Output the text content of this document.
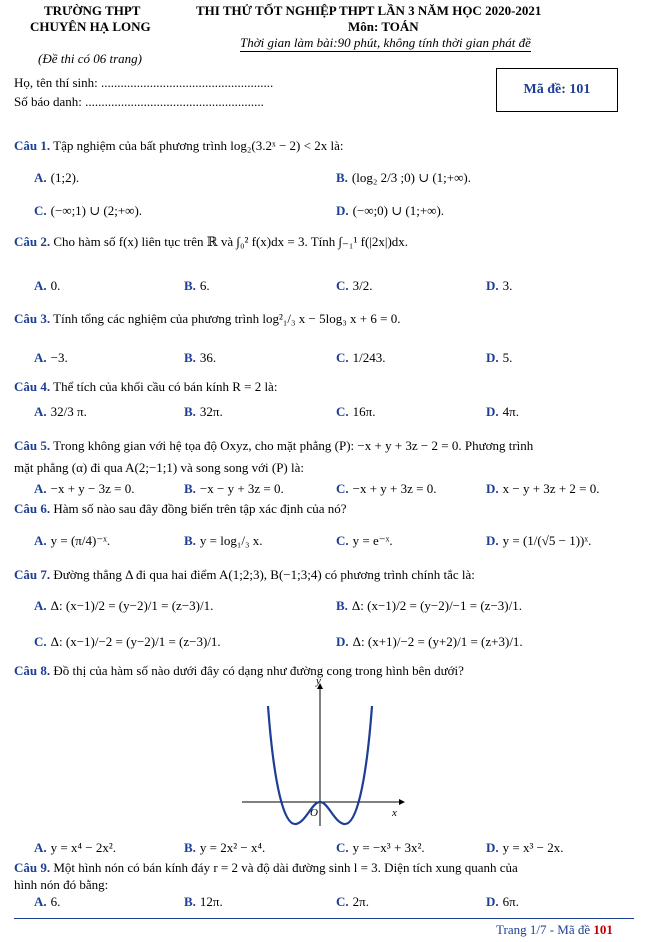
TRƯỜNG THPT
CHUYÊN HẠ LONG
THI THỬ TỐT NGHIỆP THPT LẦN 3 NĂM HỌC 2020-2021
Môn: TOÁN
Thời gian làm bài:90 phút, không tính thời gian phát đề
(Đề thi có 06 trang)
Họ, tên thí sinh: .....................................................
Số báo danh: .......................................................
Mã đề: 101
Câu 1. Tập nghiệm của bất phương trình log₂(3.2ˣ − 2) < 2x là:
A. (1;2).	B. (log₂ 2/3 ;0) ∪ (1;+∞).
C. (−∞;1) ∪ (2;+∞).	D. (−∞;0) ∪ (1;+∞).
Câu 2. Cho hàm số f(x) liên tục trên ℝ và ∫₀² f(x)dx = 3. Tính ∫₋₁¹ f(|2x|)dx.
A. 0.	B. 6.	C. 3/2.	D. 3.
Câu 3. Tính tổng các nghiệm của phương trình log²₁/₃ x − 5log₃ x + 6 = 0.
A. −3.	B. 36.	C. 1/243.	D. 5.
Câu 4. Thể tích của khối cầu có bán kính R = 2 là:
A. 32/3 π.	B. 32π.	C. 16π.	D. 4π.
Câu 5. Trong không gian với hệ tọa độ Oxyz, cho mặt phẳng (P): −x + y + 3z − 2 = 0. Phương trình
mặt phẳng (α) đi qua A(2;−1;1) và song song với (P) là:
A. −x + y − 3z = 0.	B. −x − y + 3z = 0.	C. −x + y + 3z = 0.	D. x − y + 3z + 2 = 0.
Câu 6. Hàm số nào sau đây đồng biến trên tập xác định của nó?
A. y = (π/4)⁻ˣ.	B. y = log₁/₃ x.	C. y = e⁻ˣ.	D. y = (1/(√5 − 1))ˣ.
Câu 7. Đường thẳng Δ đi qua hai điểm A(1;2;3), B(−1;3;4) có phương trình chính tắc là:
A. Δ: (x−1)/2 = (y−2)/1 = (z−3)/1.	B. Δ: (x−1)/2 = (y−2)/−1 = (z−3)/1.
C. Δ: (x−1)/−2 = (y−2)/1 = (z−3)/1.	D. Δ: (x+1)/−2 = (y+2)/1 = (z+3)/1.
Câu 8. Đồ thị của hàm số nào dưới đây có dạng như đường cong trong hình bên dưới?
y
x
O
A. y = x⁴ − 2x².	B. y = 2x² − x⁴.	C. y = −x³ + 3x².	D. y = x³ − 2x.
Câu 9. Một hình nón có bán kính đáy r = 2 và độ dài đường sinh l = 3. Diện tích xung quanh của
hình nón đó bằng:
A. 6.	B. 12π.	C. 2π.	D. 6π.
Trang 1/7 - Mã đề 101
